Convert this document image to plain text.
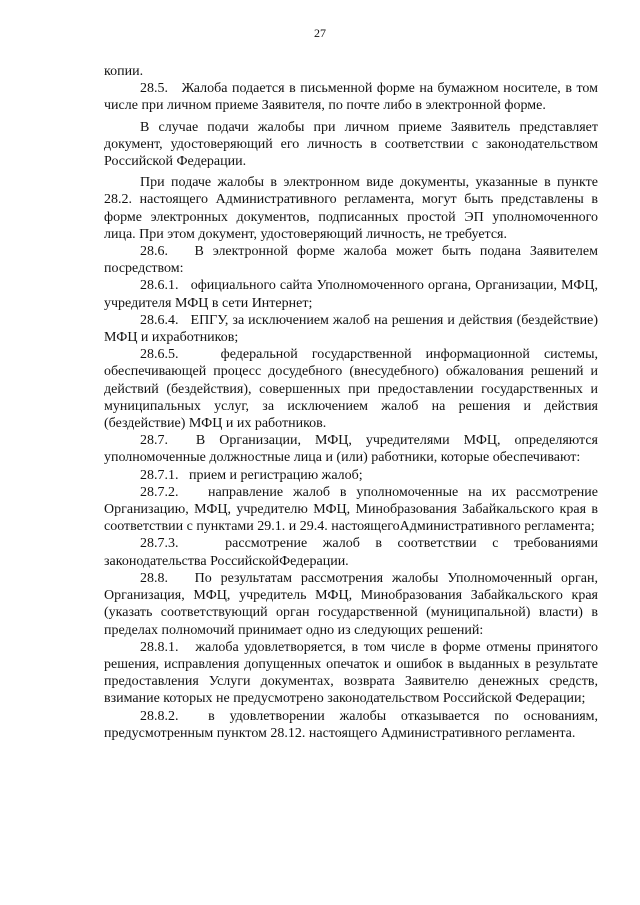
27

копии.

28.5.   Жалоба подается в письменной форме на бумажном носителе, в том числе при личном приеме Заявителя, по почте либо в электронной форме.

В случае подачи жалобы при личном приеме Заявитель представляет документ, удостоверяющий его личность в соответствии с законодательством Российской Федерации.

При подаче жалобы в электронном виде документы, указанные в пункте 28.2. настоящего Административного регламента, могут быть представлены в форме электронных документов, подписанных простой ЭП уполномоченного лица. При этом документ, удостоверяющий личность, не требуется.

28.6.   В электронной форме жалоба может быть подана Заявителем посредством:

28.6.1.   официального сайта Уполномоченного органа, Организации, МФЦ, учредителя МФЦ в сети Интернет;

28.6.4.   ЕПГУ, за исключением жалоб на решения и действия (бездействие) МФЦ и ихработников;

28.6.5.   федеральной государственной информационной системы, обеспечивающей процесс досудебного (внесудебного) обжалования решений и действий (бездействия), совершенных при предоставлении государственных и муниципальных услуг, за исключением жалоб на решения и действия (бездействие) МФЦ и их работников.

28.7.  В Организации, МФЦ, учредителями МФЦ, определяются уполномоченные должностные лица и (или) работники, которые обеспечивают:

28.7.1.   прием и регистрацию жалоб;

28.7.2.   направление жалоб в уполномоченные на их рассмотрение Организацию, МФЦ, учредителю МФЦ, Минобразования Забайкальского края в соответствии с пунктами 29.1. и 29.4. настоящегоАдминистративного регламента;

28.7.3.   рассмотрение жалоб в соответствии с требованиями законодательства РоссийскойФедерации.

28.8.   По результатам рассмотрения жалобы Уполномоченный орган, Организация, МФЦ, учредитель МФЦ, Минобразования Забайкальского края (указать соответствующий орган государственной (муниципальной) власти) в пределах полномочий принимает одно из следующих решений:

28.8.1.   жалоба удовлетворяется, в том числе в форме отмены принятого решения, исправления допущенных опечаток и ошибок в выданных в результате предоставления Услуги документах, возврата Заявителю денежных средств, взимание которых не предусмотрено законодательством Российской Федерации;

28.8.2.  в удовлетворении жалобы отказывается по основаниям, предусмотренным пунктом 28.12. настоящего Административного регламента.
